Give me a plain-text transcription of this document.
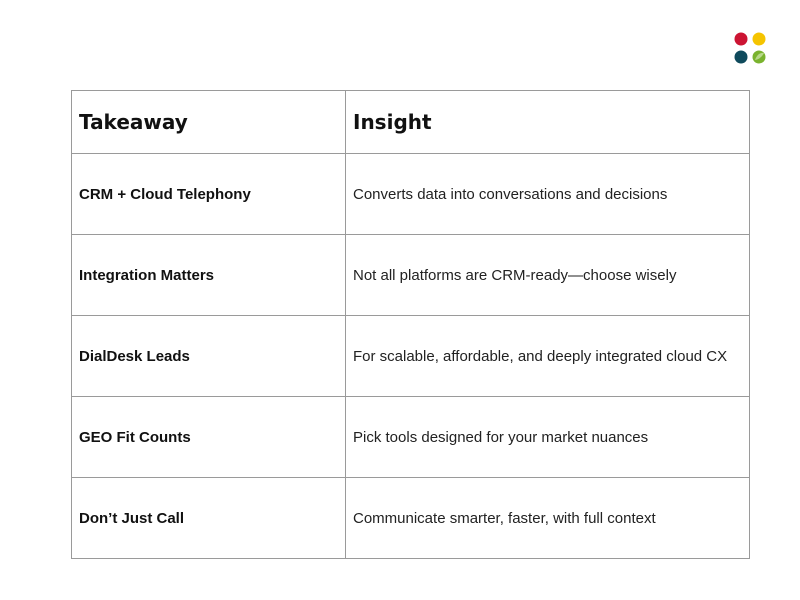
Takeaway	Insight
CRM + Cloud Telephony	Converts data into conversations and decisions
Integration Matters	Not all platforms are CRM-ready—choose wisely
DialDesk Leads	For scalable, affordable, and deeply integrated cloud CX
GEO Fit Counts	Pick tools designed for your market nuances
Don’t Just Call	Communicate smarter, faster, with full context
